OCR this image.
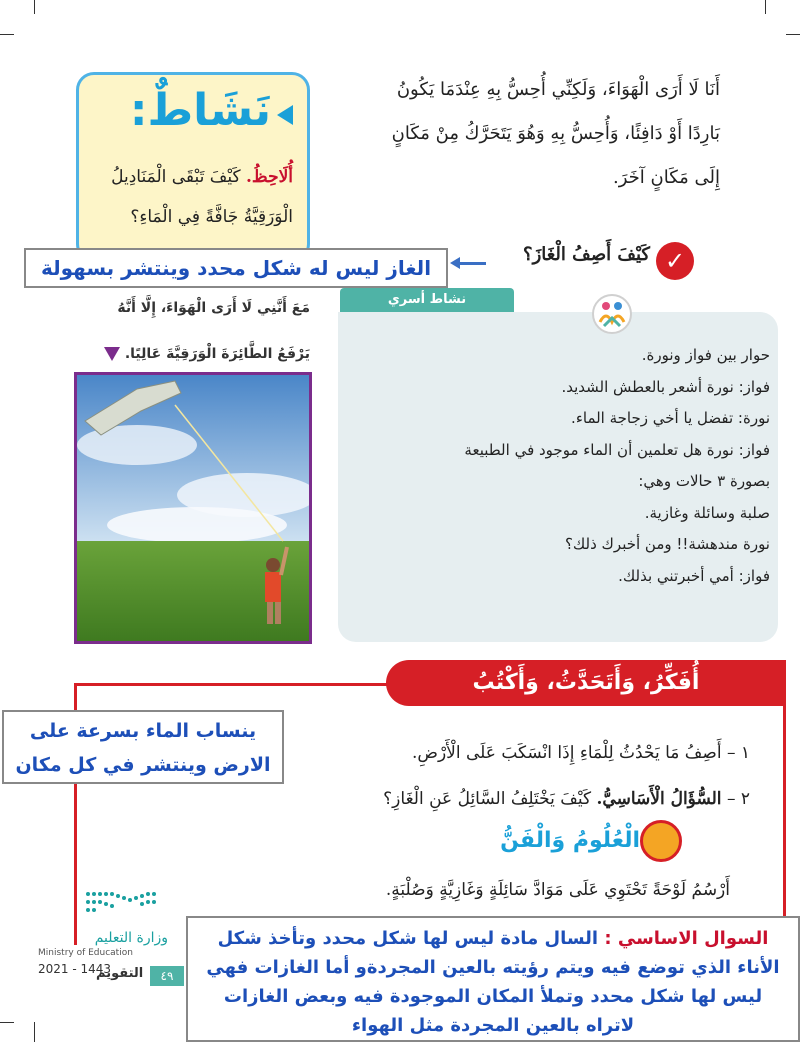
أَنَا لَا أَرَى الْهَوَاءَ، وَلَكِنِّي أُحِسُّ بِهِ عِنْدَمَا يَكُونُ
بَارِدًا أَوْ دَافِئًا، وَأُحِسُّ بِهِ وَهُوَ يَتَحَرَّكُ مِنْ مَكَانٍ
إِلَى مَكَانٍ آخَرَ.
نَشَاطٌ:
أُلَاحِظُ. كَيْفَ تَبْقَى الْمَنَادِيلُ
الْوَرَقِيَّةُ جَافَّةً فِي الْمَاءِ؟
✓
كَيْفَ أَصِفُ الْغَازَ؟
الغاز ليس له شكل محدد وينتشر بسهولة
مَعَ أَنَّنِي لَا أَرَى الْهَوَاءَ، إِلَّا أَنَّهُ
يَرْفَعُ الطَّائِرَةَ الْوَرَقِيَّةَ عَالِيًا.
نشاط أسري
حوار بين فواز ونورة.
فواز: نورة أشعر بالعطش الشديد.
نورة: تفضل يا أخي زجاجة الماء.
فواز: نورة هل تعلمين أن الماء موجود في الطبيعة
بصورة ٣ حالات وهي:
صلبة وسائلة وغازية.
نورة مندهشة!! ومن أخبرك ذلك؟
فواز: أمي أخبرتني بذلك.
أُفَكِّرُ، وَأَتَحَدَّثُ، وَأَكْتُبُ
١ – أَصِفُ مَا يَحْدُثُ لِلْمَاءِ إِذَا انْسَكَبَ عَلَى الْأَرْضِ.
٢ – السُّؤَالُ الْأَسَاسِيُّ. كَيْفَ يَخْتَلِفُ السَّائِلُ عَنِ الْغَازِ؟
ينساب الماء بسرعة على
الارض وينتشر في كل مكان
الْعُلُومُ وَالْفَنُّ
أَرْسُمُ لَوْحَةً تَحْتَوِي عَلَى مَوَادَّ سَائِلَةٍ وَغَازِيَّةٍ وَصُلْبَةٍ.
وزارة التعليم
Ministry of Education
2021 - 1443
التقويم	٤٩
السوال الاساسي : السال مادة ليس لها شكل محدد وتأخذ شكل الأناء الذي توضع فيه ويتم رؤيته بالعين المجردةو أما الغازات فهي ليس لها شكل محدد وتملأ المكان الموجودة فيه وبعض الغازات لاتراه بالعين المجردة مثل الهواء
